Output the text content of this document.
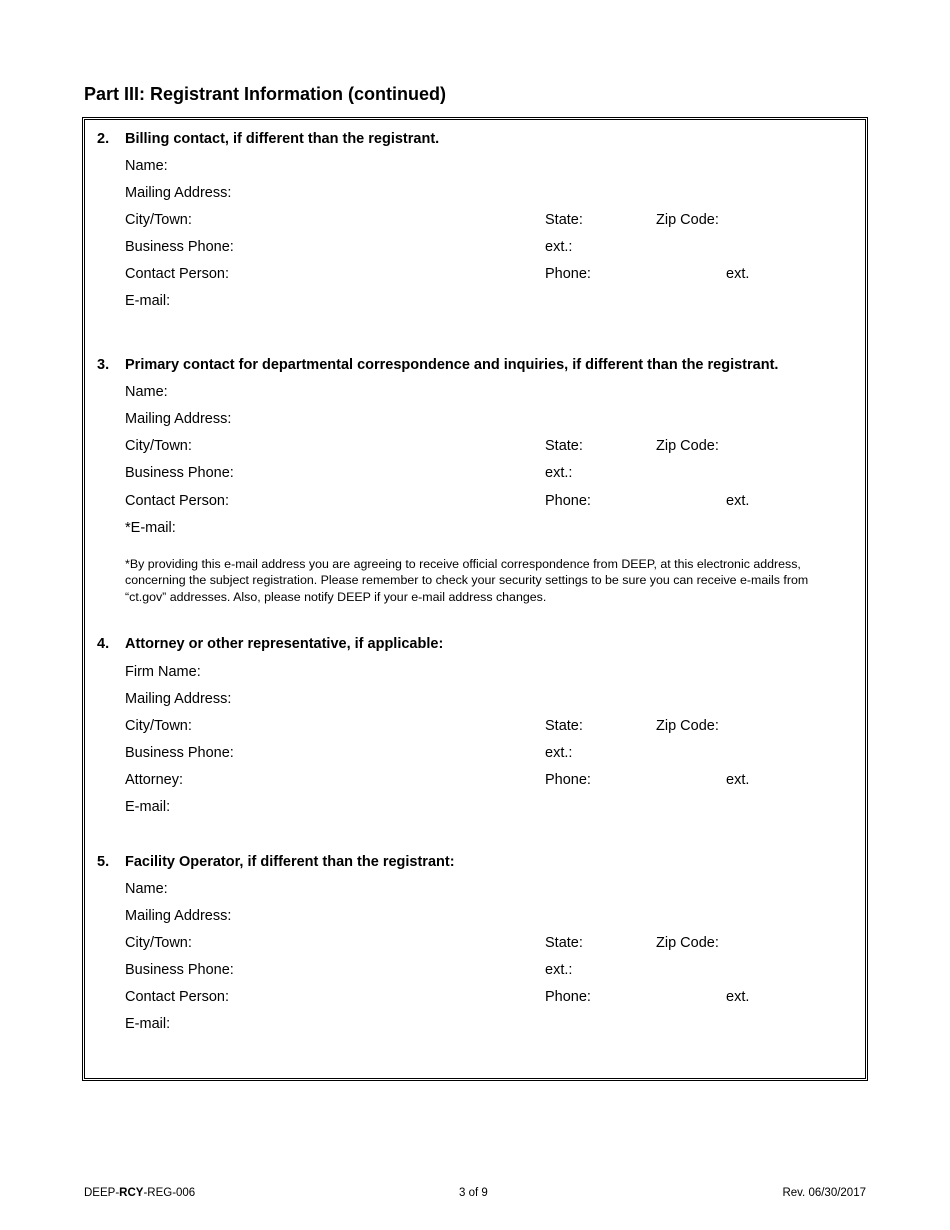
Part III: Registrant Information (continued)
2. Billing contact, if different than the registrant.
Name:
Mailing Address:
City/Town:	State:	Zip Code:
Business Phone:	ext.:
Contact Person:	Phone:	ext.
E-mail:
3. Primary contact for departmental correspondence and inquiries, if different than the registrant.
Name:
Mailing Address:
City/Town:	State:	Zip Code:
Business Phone:	ext.:
Contact Person:	Phone:	ext.
*E-mail:
*By providing this e-mail address you are agreeing to receive official correspondence from DEEP, at this electronic address, concerning the subject registration. Please remember to check your security settings to be sure you can receive e-mails from “ct.gov” addresses. Also, please notify DEEP if your e-mail address changes.
4. Attorney or other representative, if applicable:
Firm Name:
Mailing Address:
City/Town:	State:	Zip Code:
Business Phone:	ext.:
Attorney:	Phone:	ext.
E-mail:
5. Facility Operator, if different than the registrant:
Name:
Mailing Address:
City/Town:	State:	Zip Code:
Business Phone:	ext.:
Contact Person:	Phone:	ext.
E-mail:
DEEP-RCY-REG-006	3 of 9	Rev. 06/30/2017
